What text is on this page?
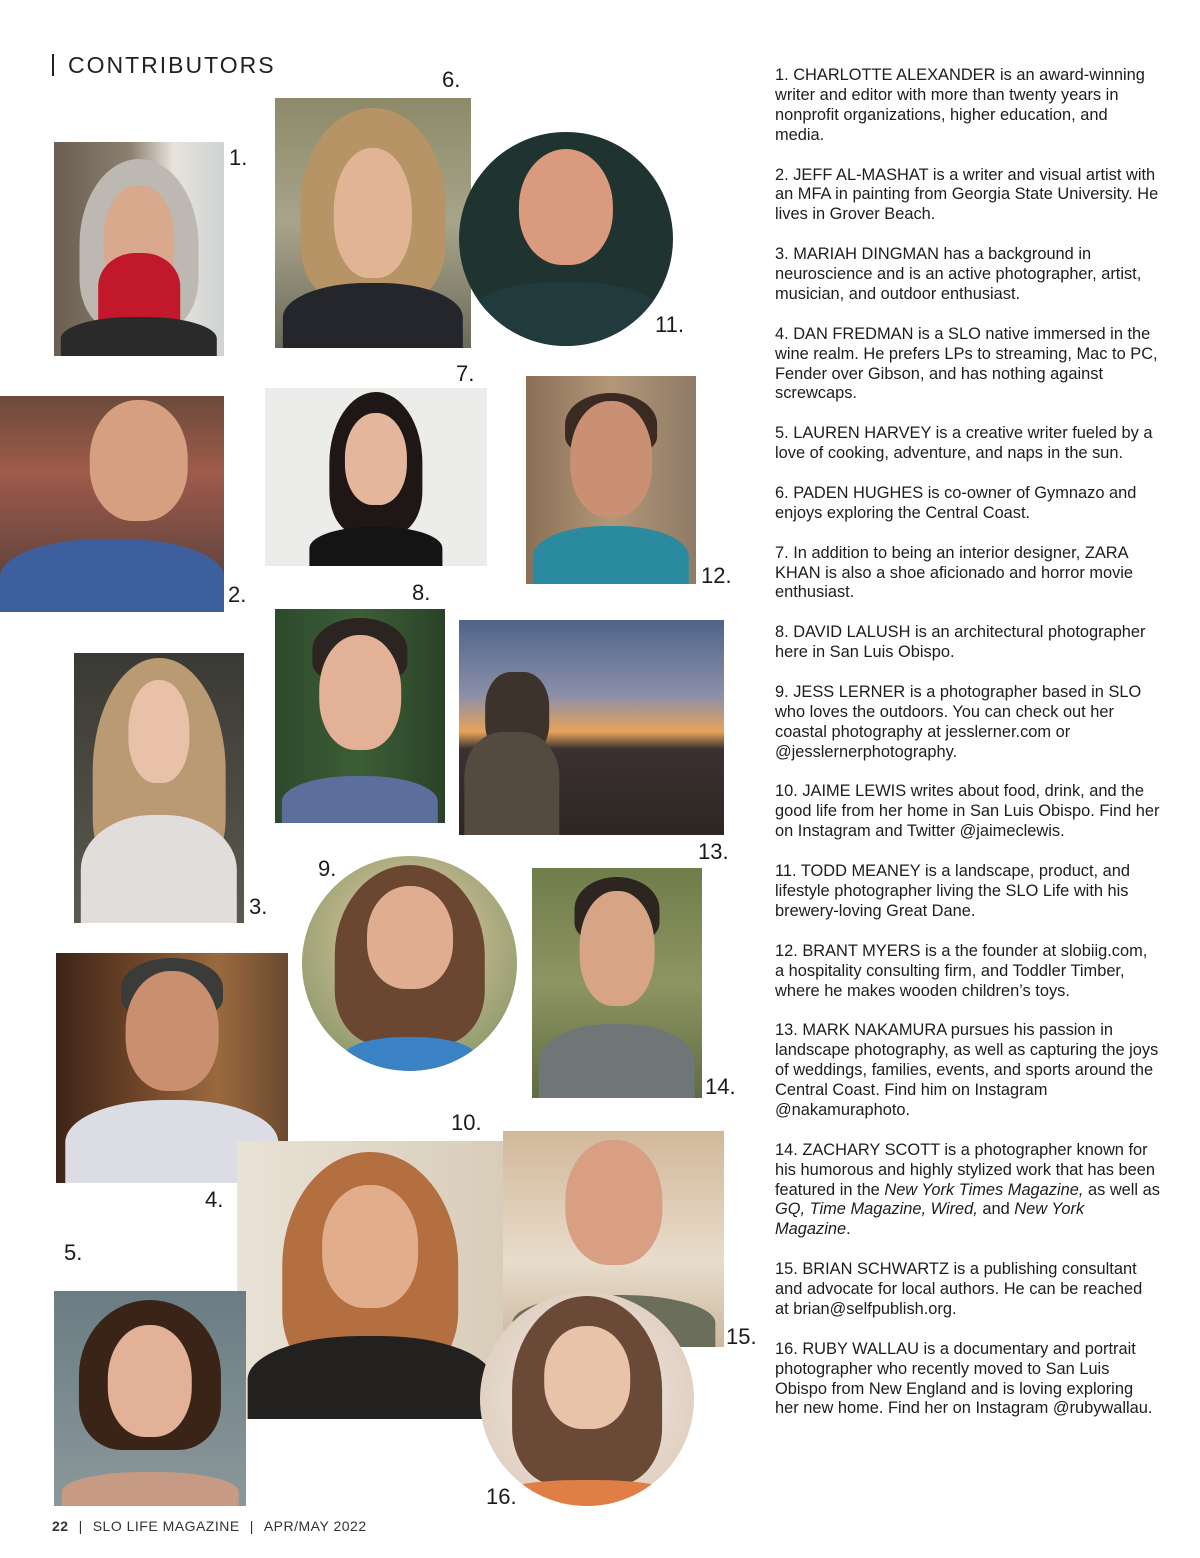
CONTRIBUTORS
1.
6.
11.
7.
12.
2.	8.
13.
3.
9.
14.
4.
10.
15.
5.
16.

1. CHARLOTTE ALEXANDER is an award-winning writer and editor with more than twenty years in nonprofit organizations, higher education, and media.

2. JEFF AL-MASHAT is a writer and visual artist with an MFA in painting from Georgia State University. He lives in Grover Beach.

3. MARIAH DINGMAN has a background in neuroscience and is an active photographer, artist, musician, and outdoor enthusiast.

4. DAN FREDMAN is a SLO native immersed in the wine realm. He prefers LPs to streaming, Mac to PC, Fender over Gibson, and has nothing against screwcaps.

5. LAUREN HARVEY is a creative writer fueled by a love of cooking, adventure, and naps in the sun.

6. PADEN HUGHES is co-owner of Gymnazo and enjoys exploring the Central Coast.

7. In addition to being an interior designer, ZARA KHAN is also a shoe aficionado and horror movie enthusiast.

8. DAVID LALUSH is an architectural photographer here in San Luis Obispo.

9. JESS LERNER is a photographer based in SLO who loves the outdoors. You can check out her coastal photography at jesslerner.com or @jesslernerphotography.

10. JAIME LEWIS writes about food, drink, and the good life from her home in San Luis Obispo. Find her on Instagram and Twitter @jaimeclewis.

11. TODD MEANEY is a landscape, product, and lifestyle photographer living the SLO Life with his brewery-loving Great Dane.

12. BRANT MYERS is a the founder at slobiig.com, a hospitality consulting firm, and Toddler Timber, where he makes wooden children’s toys.

13. MARK NAKAMURA pursues his passion in landscape photography, as well as capturing the joys of weddings, families, events, and sports around the Central Coast. Find him on Instagram @nakamuraphoto.

14. ZACHARY SCOTT is a photographer known for his humorous and highly stylized work that has been featured in the New York Times Magazine, as well as GQ, Time Magazine, Wired, and New York Magazine.

15. BRIAN SCHWARTZ is a publishing consultant and advocate for local authors. He can be reached at brian@selfpublish.org.

16. RUBY WALLAU is a documentary and portrait photographer who recently moved to San Luis Obispo from New England and is loving exploring her new home. Find her on Instagram @rubywallau.

22 | SLO LIFE MAGAZINE | APR/MAY 2022
